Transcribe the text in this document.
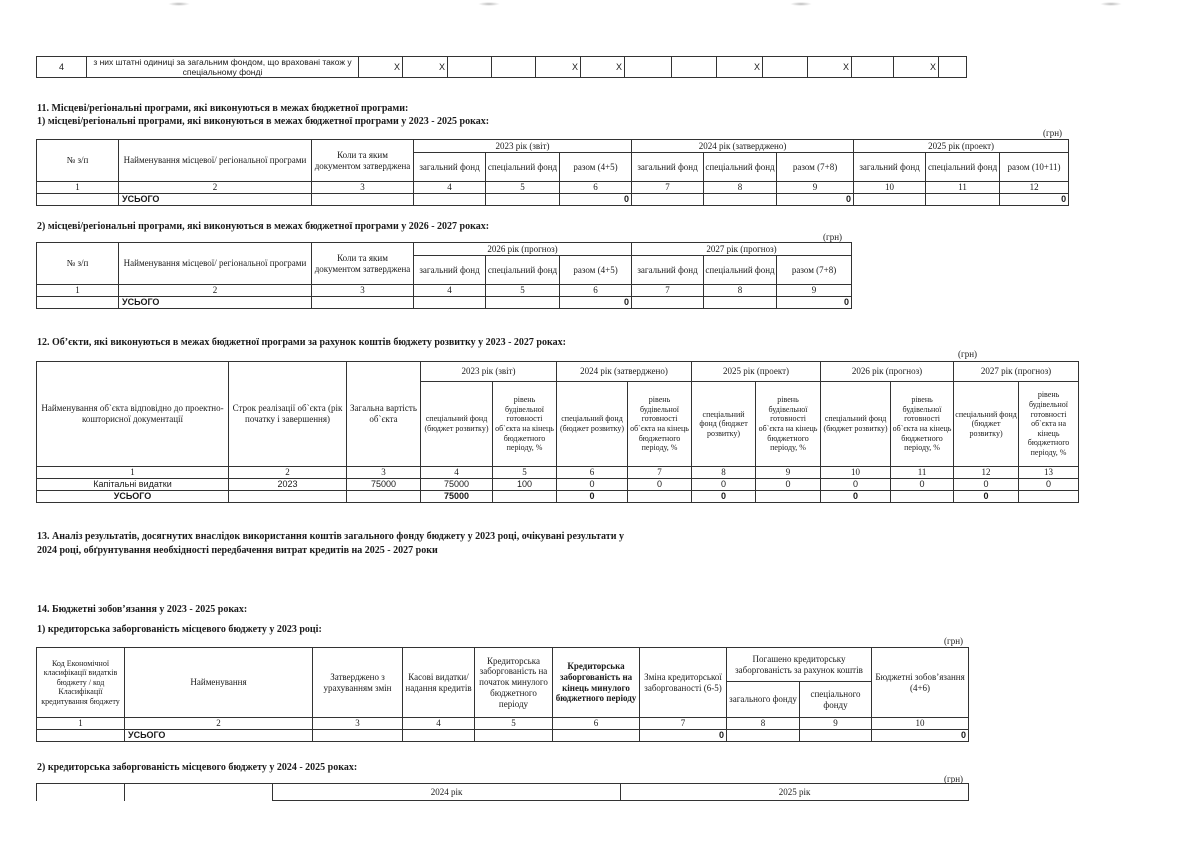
4	з них штатні одиниці за загальним фондом, що враховані також у спеціальному фонді	X	X			X	X			X		X		X	
11. Місцеві/регіональні програми, які виконуються в межах бюджетної програми:
1) місцеві/регіональні програми, які виконуються в межах бюджетної програми у 2023 - 2025 роках:
(грн)
№ з/п	Найменування місцевої/ регіональної програми	Коли та яким документом затверджена	2023 рік (звіт)			2024 рік (затверджено)			2025 рік (проект)		
			загальний фонд	спеціальний фонд	разом (4+5)	загальний фонд	спеціальний фонд	разом (7+8)	загальний фонд	спеціальний фонд	разом (10+11)
1	2	3	4	5	6	7	8	9	10	11	12
	УСЬОГО				0			0			0
2) місцеві/регіональні програми, які виконуються в межах бюджетної програми у 2026 - 2027 роках:
(грн)
№ з/п	Найменування місцевої/ регіональної програми	Коли та яким документом затверджена	2026 рік (прогноз)			2027 рік (прогноз)		
			загальний фонд	спеціальний фонд	разом (4+5)	загальний фонд	спеціальний фонд	разом (7+8)
1	2	3	4	5	6	7	8	9
	УСЬОГО				0			0
12. Об’єкти, які виконуються в межах бюджетної програми за рахунок коштів бюджету розвитку у 2023 - 2027 роках:
(грн)
Найменування об`єкта відповідно до проектно-кошторисної документації	Строк реалізації об`єкта (рік початку і завершення)	Загальна вартість об`єкта	2023 рік (звіт)		2024 рік (затверджено)		2025 рік (проект)		2026 рік (прогноз)		2027 рік (прогноз)	
			спеціальний фонд (бюджет розвитку)	рівень будівельної готовності об`єкта на кінець бюджетного періоду, %	спеціальний фонд (бюджет розвитку)	рівень будівельної готовності об`єкта на кінець бюджетного періоду, %	спеціальний фонд (бюджет розвитку)	рівень будівельної готовності об`єкта на кінець бюджетного періоду, %	спеціальний фонд (бюджет розвитку)	рівень будівельної готовності об`єкта на кінець бюджетного періоду, %	спеціальний фонд (бюджет розвитку)	рівень будівельної готовності об`єкта на кінець бюджетного періоду, %
1	2	3	4	5	6	7	8	9	10	11	12	13
Капітальні видатки	2023	75000	75000	100	0	0	0	0	0	0	0	0
УСЬОГО			75000		0		0		0		0	
13. Аналіз результатів, досягнутих внаслідок використання коштів загального фонду бюджету у 2023 році, очікувані результати у
2024 році, обґрунтування необхідності передбачення витрат кредитів на 2025 - 2027 роки
14. Бюджетні зобов’язання у 2023 - 2025 роках:
1) кредиторська заборгованість місцевого бюджету у 2023 році:
(грн)
Код Економічної класифікації видатків бюджету / код Класифікації кредитування бюджету	Найменування	Затверджено з урахуванням змін	Касові видатки/ надання кредитів	Кредиторська заборгованість на початок минулого бюджетного періоду	Кредиторська заборгованість на кінець минулого бюджетного періоду	Зміна кредиторської заборгованості (6-5)	Погашено кредиторську заборгованість за рахунок коштів		Бюджетні зобов’язання (4+6)
							загального фонду	спеціального фонду	
1	2	3	4	5	6	7	8	9	10
	УСЬОГО					0			0
2) кредиторська заборгованість місцевого бюджету у 2024 - 2025 роках:
(грн)
		2024 рік	2025 рік
